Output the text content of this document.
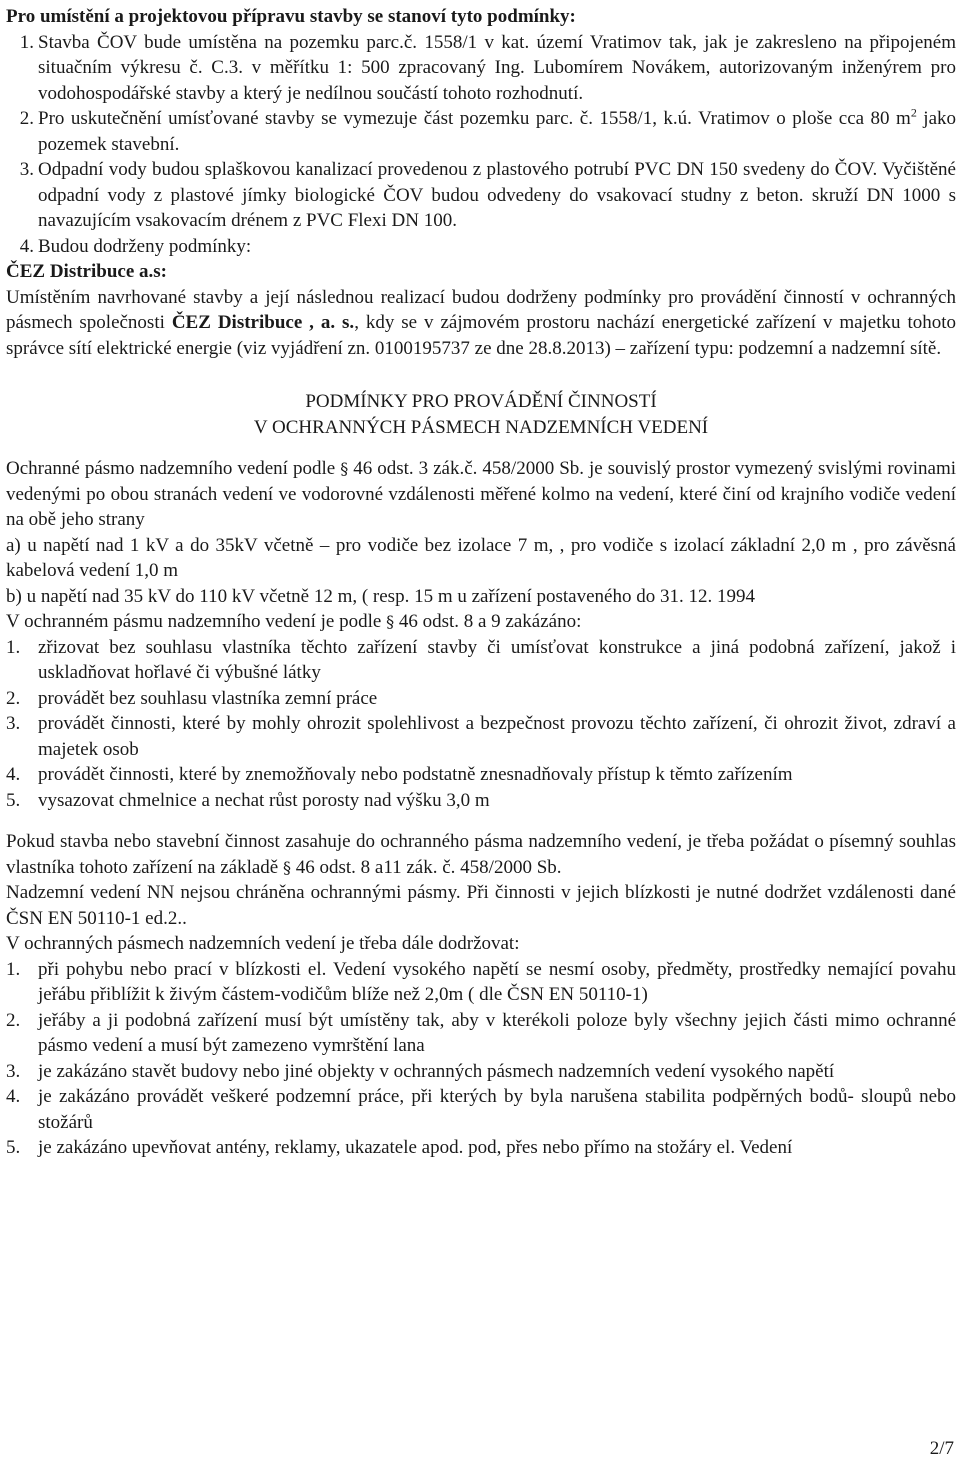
Pro umístění a projektovou přípravu stavby se stanoví tyto podmínky:

1. Stavba ČOV bude umístěna na pozemku parc.č. 1558/1 v kat. území Vratimov tak, jak je zakresleno na připojeném situačním výkresu č. C.3. v měřítku 1: 500 zpracovaný Ing. Lubomírem Novákem, autorizovaným inženýrem pro vodohospodářské stavby a který je nedílnou součástí tohoto rozhodnutí.
2. Pro uskutečnění umísťované stavby se vymezuje část pozemku parc. č. 1558/1, k.ú. Vratimov o ploše cca 80 $m^2$ jako pozemek stavební.
3. Odpadní vody budou splaškovou kanalizací provedenou z plastového potrubí PVC DN 150 svedeny do ČOV. Vyčištěné odpadní vody z plastové jímky biologické ČOV budou odvedeny do vsakovací studny z beton. skruží DN 1000 s navazujícím vsakovacím drénem z PVC Flexi DN 100.
4. Budou dodrženy podmínky:

ČEZ Distribuce a.s:

Umístěním navrhované stavby a její následnou realizací budou dodrženy podmínky pro provádění činností v ochranných pásmech společnosti ČEZ Distribuce , a. s., kdy se v zájmovém prostoru nachází energetické zařízení v majetku tohoto správce sítí elektrické energie (viz vyjádření zn. 0100195737 ze dne 28.8.2013) – zařízení typu: podzemní a nadzemní sítě.

PODMÍNKY PRO PROVÁDĚNÍ ČINNOSTÍ

V OCHRANNÝCH PÁSMECH NADZEMNÍCH VEDENÍ

Ochranné pásmo nadzemního vedení podle § 46 odst. 3 zák.č. 458/2000 Sb. je souvislý prostor vymezený svislými rovinami vedenými po obou stranách vedení ve vodorovné vzdálenosti měřené kolmo na vedení, které činí od krajního vodiče vedení na obě jeho strany

a) u napětí nad 1 kV a do 35kV včetně – pro vodiče bez izolace 7 m, , pro vodiče s izolací základní 2,0 m , pro závěsná kabelová vedení 1,0 m

b) u napětí nad 35 kV do 110 kV včetně 12 m, ( resp. 15 m u zařízení postaveného do 31. 12. 1994

V ochranném pásmu nadzemního vedení je podle § 46 odst. 8 a 9 zakázáno:

1. zřizovat bez souhlasu vlastníka těchto zařízení stavby či umísťovat konstrukce a jiná podobná zařízení, jakož i uskladňovat hořlavé či výbušné látky
2. provádět bez souhlasu vlastníka zemní práce
3. provádět činnosti, které by mohly ohrozit spolehlivost a bezpečnost provozu těchto zařízení, či ohrozit život, zdraví a majetek osob
4. provádět činnosti, které by znemožňovaly nebo podstatně znesnadňovaly přístup k těmto zařízením
5. vysazovat chmelnice a nechat růst porosty nad výšku 3,0 m

Pokud stavba nebo stavební činnost zasahuje do ochranného pásma nadzemního vedení, je třeba požádat o písemný souhlas vlastníka tohoto zařízení na základě § 46 odst. 8 a11 zák. č. 458/2000 Sb.

Nadzemní vedení NN nejsou chráněna ochrannými pásmy. Při činnosti v jejich blízkosti je nutné dodržet vzdálenosti dané ČSN EN 50110-1 ed.2..

V ochranných pásmech nadzemních vedení je třeba dále dodržovat:

1. při pohybu nebo prací v blízkosti el. Vedení vysokého napětí se nesmí osoby, předměty, prostředky nemající povahu jeřábu přiblížit k živým částem-vodičům blíže než 2,0m ( dle ČSN EN 50110-1)
2. jeřáby a ji podobná zařízení musí být umístěny tak, aby v kterékoli poloze byly všechny jejich části mimo ochranné pásmo vedení a musí být zamezeno vymrštění lana
3. je zakázáno stavět budovy nebo jiné objekty v ochranných pásmech nadzemních vedení vysokého napětí
4. je zakázáno provádět veškeré podzemní práce, při kterých by byla narušena stabilita podpěrných bodů- sloupů nebo stožárů
5. je zakázáno upevňovat antény, reklamy, ukazatele apod. pod, přes nebo přímo na stožáry el. Vedení
2/7
